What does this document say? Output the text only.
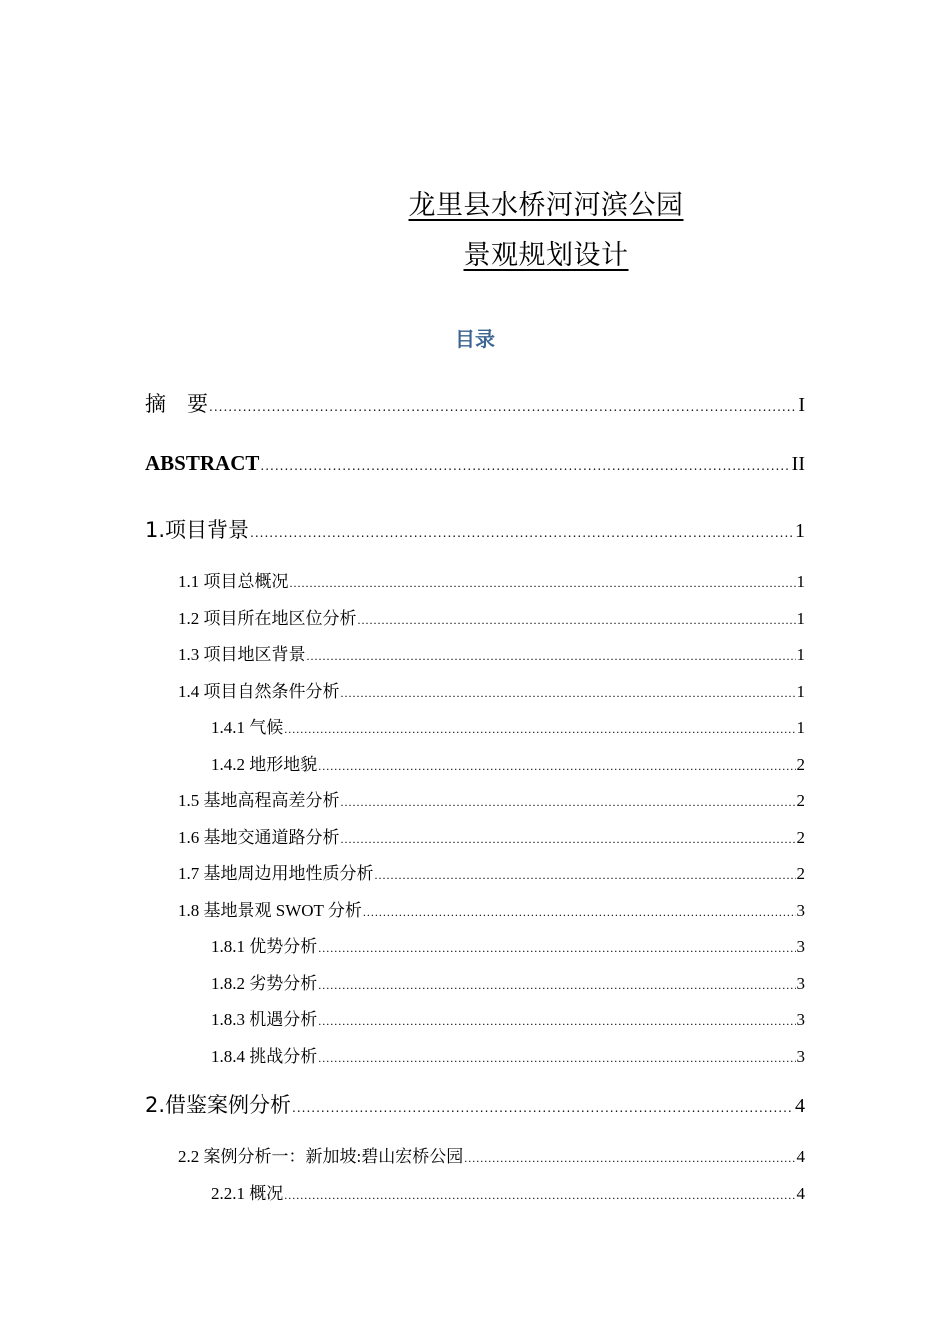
龙里县水桥河河滨公园
景观规划设计
目录
摘　要 .....	I
ABSTRACT .....	II
1.项目背景 .....	1
1.1 项目总概况 .....	1
1.2 项目所在地区位分析 .....	1
1.3 项目地区背景 .....	1
1.4 项目自然条件分析 .....	1
1.4.1 气候 .....	1
1.4.2 地形地貌 .....	2
1.5 基地高程高差分析 .....	2
1.6 基地交通道路分析 .....	2
1.7 基地周边用地性质分析 .....	2
1.8 基地景观 SWOT 分析 .....	3
1.8.1 优势分析 .....	3
1.8.2 劣势分析 .....	3
1.8.3 机遇分析 .....	3
1.8.4 挑战分析 .....	3
2.借鉴案例分析 .....	4
2.2 案例分析一：新加坡:碧山宏桥公园 .....	4
2.2.1 概况 .....	4
